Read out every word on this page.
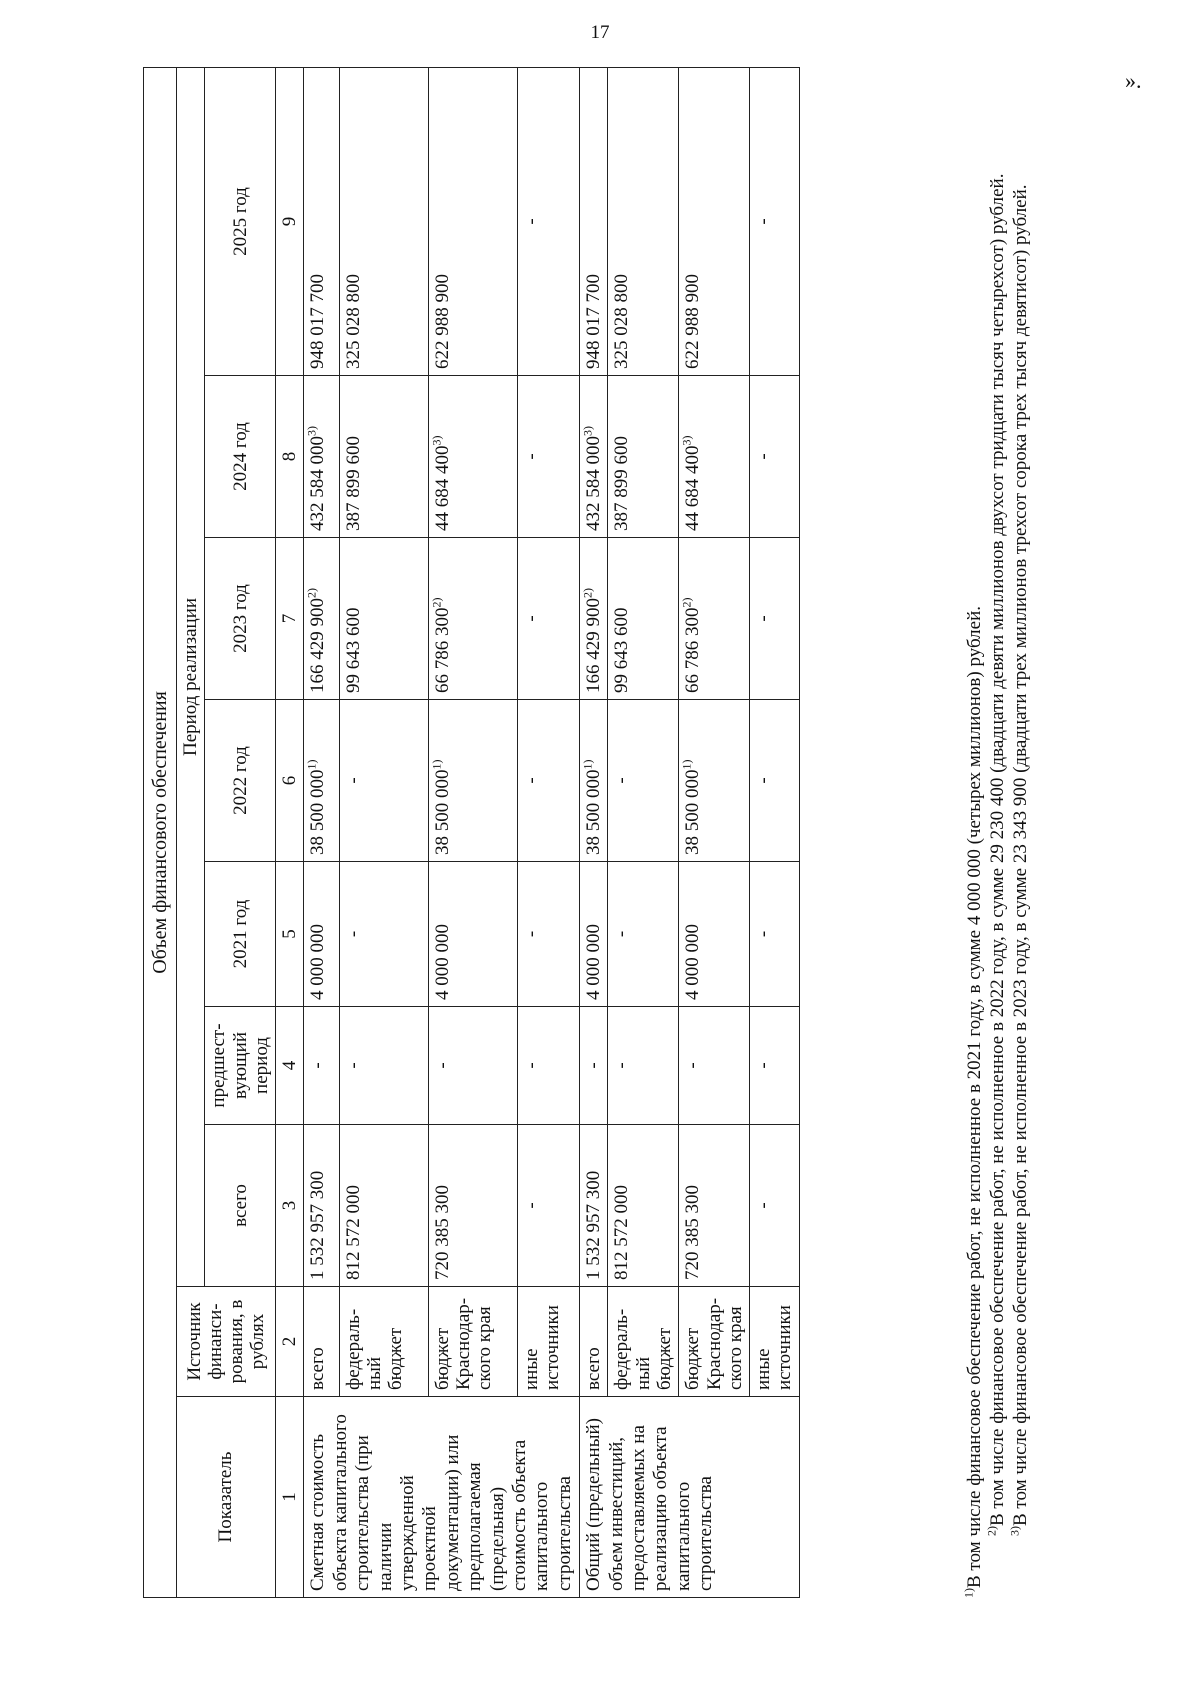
17
Объем финансового обеспечения								
Показатель	Источник финанси-рования, в рублях	Период реализации						
		всего	предшест-вующий период	2021 год	2022 год	2023 год	2024 год	2025 год

1	2	3	4	5	6	7	8	9
Сметная стоимость объекта капитального строительства (при наличии утвержденной проектной документации) или предполагаемая (предельная) стоимость объекта капитального строительства	всего	1 532 957 300	-	4 000 000	38 500 000$^{1)}$	166 429 900$^{2)}$	432 584 000$^{3)}$	948 017 700
	федераль-ный бюджет	812 572 000	-	-	-	99 643 600	387 899 600	325 028 800
	бюджет Краснодар-ского края	720 385 300	-	4 000 000	38 500 000$^{1)}$	66 786 300$^{2)}$	44 684 400$^{3)}$	622 988 900
	иные источники	-	-	-	-	-	-	-
Общий (предельный) объем инвестиций, предоставляемых на реализацию объекта капитального строительства	всего	1 532 957 300	-	4 000 000	38 500 000$^{1)}$	166 429 900$^{2)}$	432 584 000$^{3)}$	948 017 700
	федераль-ный бюджет	812 572 000	-	-	-	99 643 600	387 899 600	325 028 800
	бюджет Краснодар-ского края	720 385 300	-	4 000 000	38 500 000$^{1)}$	66 786 300$^{2)}$	44 684 400$^{3)}$	622 988 900
	иные источники	-	-	-	-	-	-	-

$^{1)}$В том числе финансовое обеспечение работ, не исполненное в 2021 году, в сумме 4 000 000 (четырех миллионов) рублей. $^{2)}$В том числе финансовое обеспечение работ, не исполненное в 2022 году, в сумме 29 230 400 (двадцати девяти миллионов двухсот тридцати тысяч четырехсот) рублей.

$^{3)}$В том числе финансовое обеспечение работ, не исполненное в 2023 году, в сумме 23 343 900 (двадцати трех миллионов трехсот сорока трех тысяч девятисот) рублей.

».
